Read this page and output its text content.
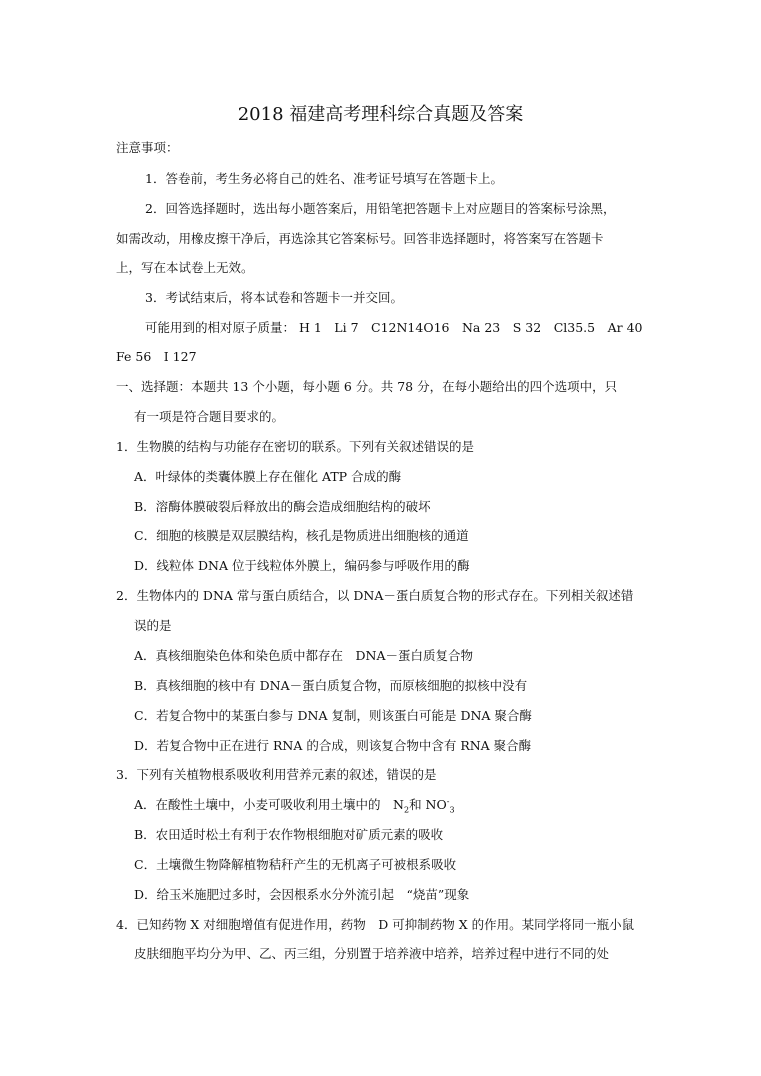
2018 福建高考理科综合真题及答案
注意事项：
1．答卷前，考生务必将自己的姓名、准考证号填写在答题卡上。
2．回答选择题时，选出每小题答案后，用铅笔把答题卡上对应题目的答案标号涂黑，
如需改动，用橡皮擦干净后，再选涂其它答案标号。回答非选择题时，将答案写在答题卡
上，写在本试卷上无效。
3．考试结束后，将本试卷和答题卡一并交回。
可能用到的相对原子质量： H 1　Li 7　C12N14O16　Na 23　S 32　Cl35.5　Ar 40
Fe 56　I 127
一、选择题：本题共 13 个小题，每小题 6 分。共 78 分，在每小题给出的四个选项中，只
有一项是符合题目要求的。
1．生物膜的结构与功能存在密切的联系。下列有关叙述错误的是
A．叶绿体的类囊体膜上存在催化 ATP 合成的酶
B．溶酶体膜破裂后释放出的酶会造成细胞结构的破坏
C．细胞的核膜是双层膜结构，核孔是物质进出细胞核的通道
D．线粒体 DNA 位于线粒体外膜上，编码参与呼吸作用的酶
2．生物体内的 DNA 常与蛋白质结合，以 DNA－蛋白质复合物的形式存在。下列相关叙述错
误的是
A．真核细胞染色体和染色质中都存在　DNA－蛋白质复合物
B．真核细胞的核中有 DNA－蛋白质复合物，而原核细胞的拟核中没有
C．若复合物中的某蛋白参与 DNA 复制，则该蛋白可能是 DNA 聚合酶
D．若复合物中正在进行 RNA 的合成，则该复合物中含有 RNA 聚合酶
3．下列有关植物根系吸收利用营养元素的叙述，错误的是
A．在酸性土壤中，小麦可吸收利用土壤中的　$N_2$和 $NO^-_3$
B．农田适时松土有利于农作物根细胞对矿质元素的吸收
C．土壤微生物降解植物秸秆产生的无机离子可被根系吸收
D．给玉米施肥过多时，会因根系水分外流引起　“烧苗”现象
4．已知药物 X 对细胞增值有促进作用，药物　D 可抑制药物 X 的作用。某同学将同一瓶小鼠
皮肤细胞平均分为甲、乙、丙三组，分别置于培养液中培养，培养过程中进行不同的处
